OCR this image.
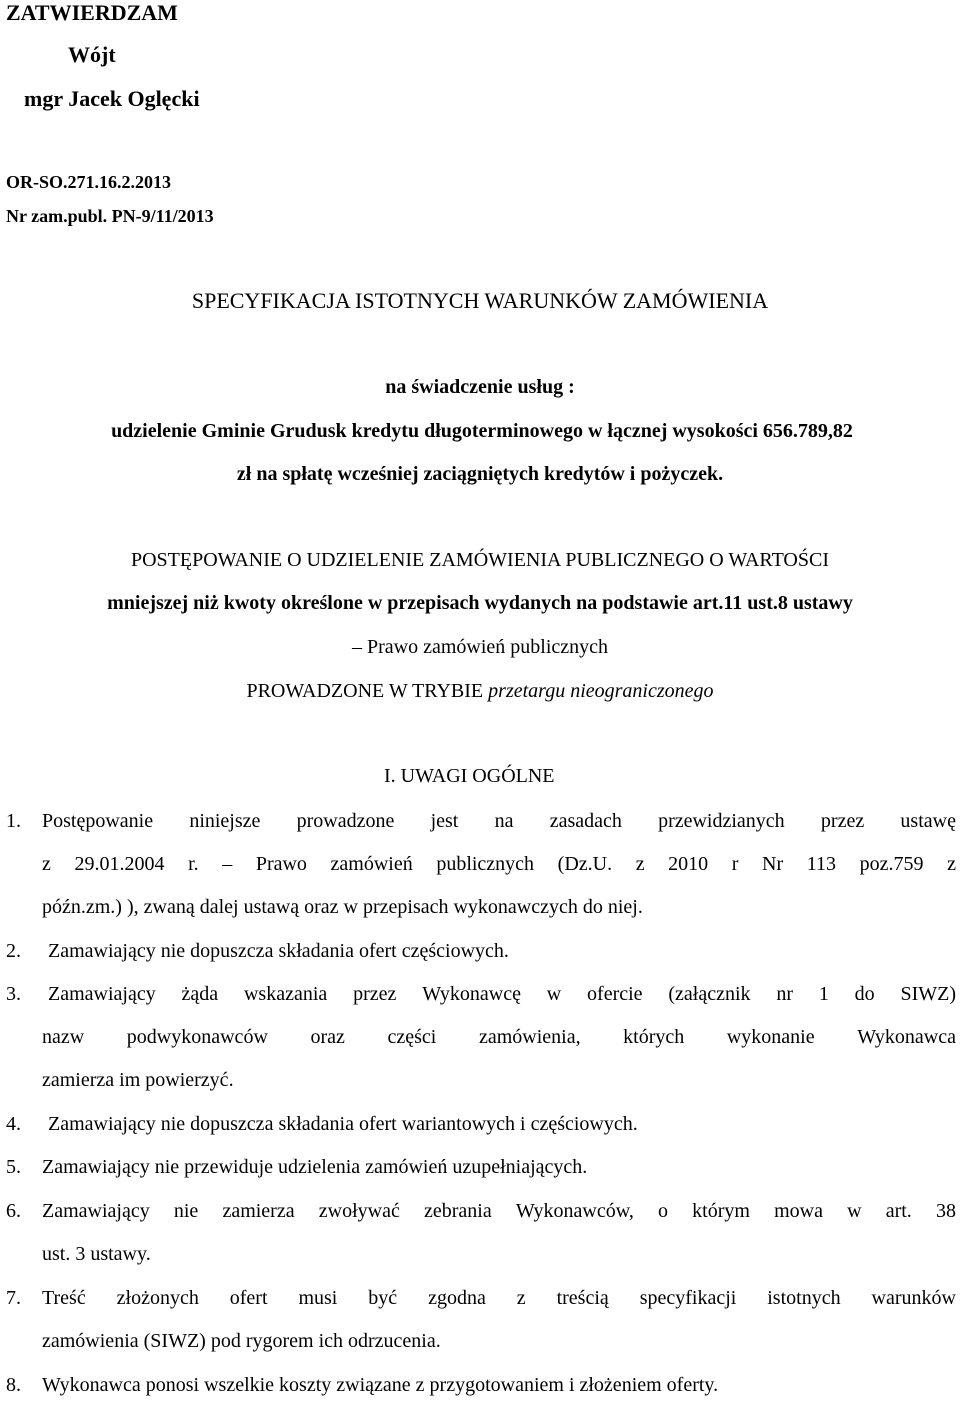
ZATWIERDZAM
Wójt
mgr Jacek Oglęcki
OR-SO.271.16.2.2013
Nr zam.publ. PN-9/11/2013
SPECYFIKACJA ISTOTNYCH WARUNKÓW ZAMÓWIENIA
na świadczenie usług :
udzielenie Gminie Grudusk kredytu długoterminowego w łącznej wysokości 656.789,82
zł na spłatę wcześniej zaciągniętych kredytów i pożyczek.
POSTĘPOWANIE O UDZIELENIE ZAMÓWIENIA PUBLICZNEGO O WARTOŚCI
mniejszej niż kwoty określone w przepisach wydanych na podstawie art.11 ust.8 ustawy
– Prawo zamówień publicznych
PROWADZONE W TRYBIE przetargu nieograniczonego
I. UWAGI OGÓLNE
1. Postępowanie niniejsze prowadzone jest na zasadach przewidzianych przez ustawę
z 29.01.2004 r. – Prawo zamówień publicznych (Dz.U. z 2010 r Nr 113 poz.759 z
późn.zm.) ), zwaną dalej ustawą oraz w przepisach wykonawczych do niej.
2. Zamawiający nie dopuszcza składania ofert częściowych.
3. Zamawiający żąda wskazania przez Wykonawcę w ofercie (załącznik nr 1 do SIWZ)
nazw podwykonawców oraz części zamówienia, których wykonanie Wykonawca
zamierza im powierzyć.
4. Zamawiający nie dopuszcza składania ofert wariantowych i częściowych.
5. Zamawiający nie przewiduje udzielenia zamówień uzupełniających.
6. Zamawiający nie zamierza zwoływać zebrania Wykonawców, o którym mowa w art. 38
ust. 3 ustawy.
7. Treść złożonych ofert musi być zgodna z treścią specyfikacji istotnych warunków
zamówienia (SIWZ) pod rygorem ich odrzucenia.
8. Wykonawca ponosi wszelkie koszty związane z przygotowaniem i złożeniem oferty.
